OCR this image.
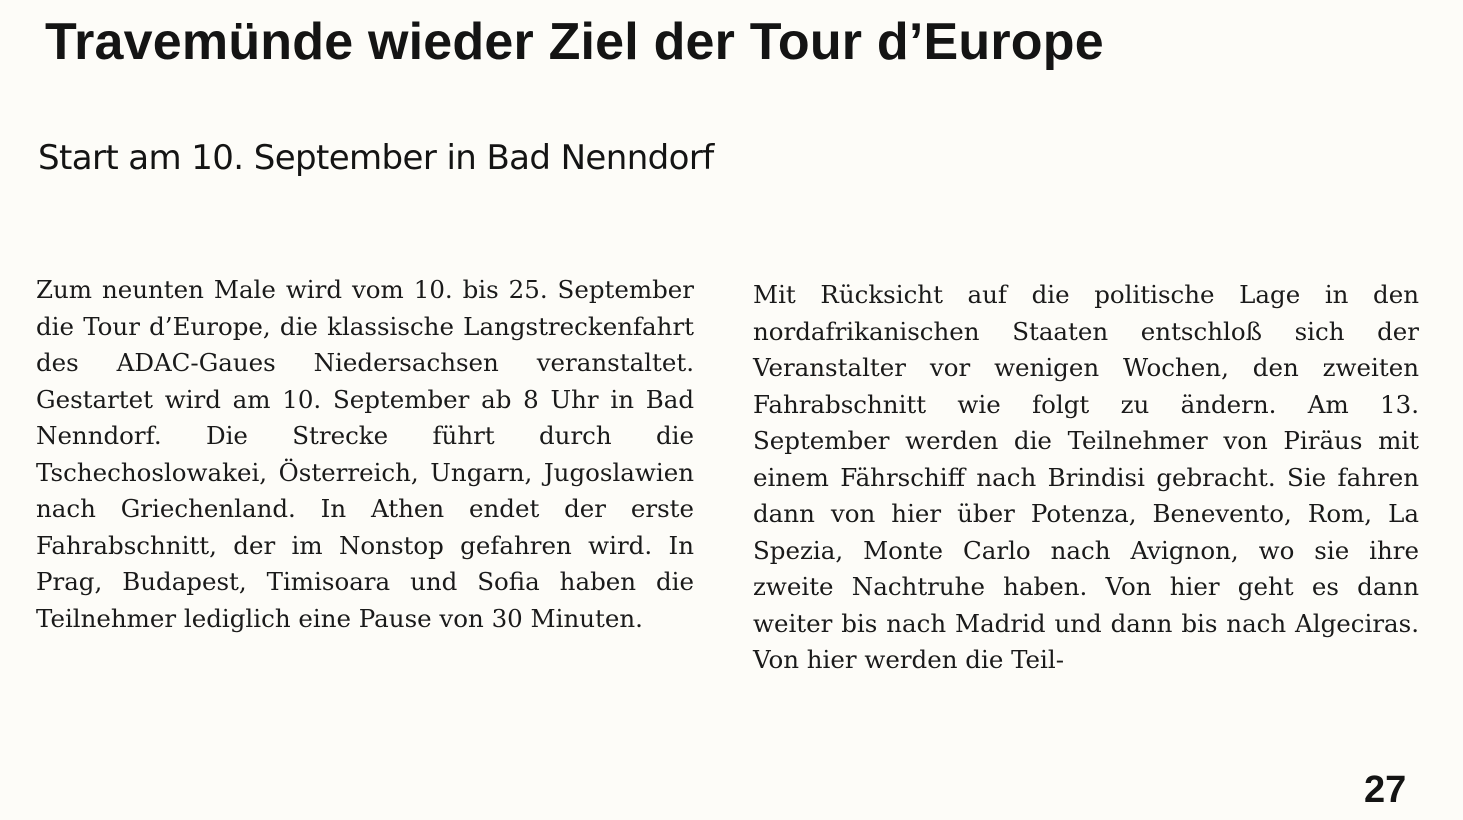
Travemünde wieder Ziel der Tour d’Europe
Start am 10. September in Bad Nenndorf

Zum neunten Male wird vom 10. bis 25. September die Tour d’Europe, die klassische Langstreckenfahrt des ADAC-Gaues Niedersachsen veranstaltet. Gestartet wird am 10. September ab 8 Uhr in Bad Nenndorf. Die Strecke führt durch die Tschechoslowakei, Österreich, Ungarn, Jugoslawien nach Griechenland. In Athen endet der erste Fahrabschnitt, der im Nonstop gefahren wird. In Prag, Budapest, Timisoara und Sofia haben die Teilnehmer lediglich eine Pause von 30 Minuten.

Mit Rücksicht auf die politische Lage in den nordafrikanischen Staaten entschloß sich der Veranstalter vor wenigen Wochen, den zweiten Fahrabschnitt wie folgt zu ändern. Am 13. September werden die Teilnehmer von Piräus mit einem Fährschiff nach Brindisi gebracht. Sie fahren dann von hier über Potenza, Benevento, Rom, La Spezia, Monte Carlo nach Avignon, wo sie ihre zweite Nachtruhe haben. Von hier geht es dann weiter bis nach Madrid und dann bis nach Algeciras. Von hier werden die Teil-

27
